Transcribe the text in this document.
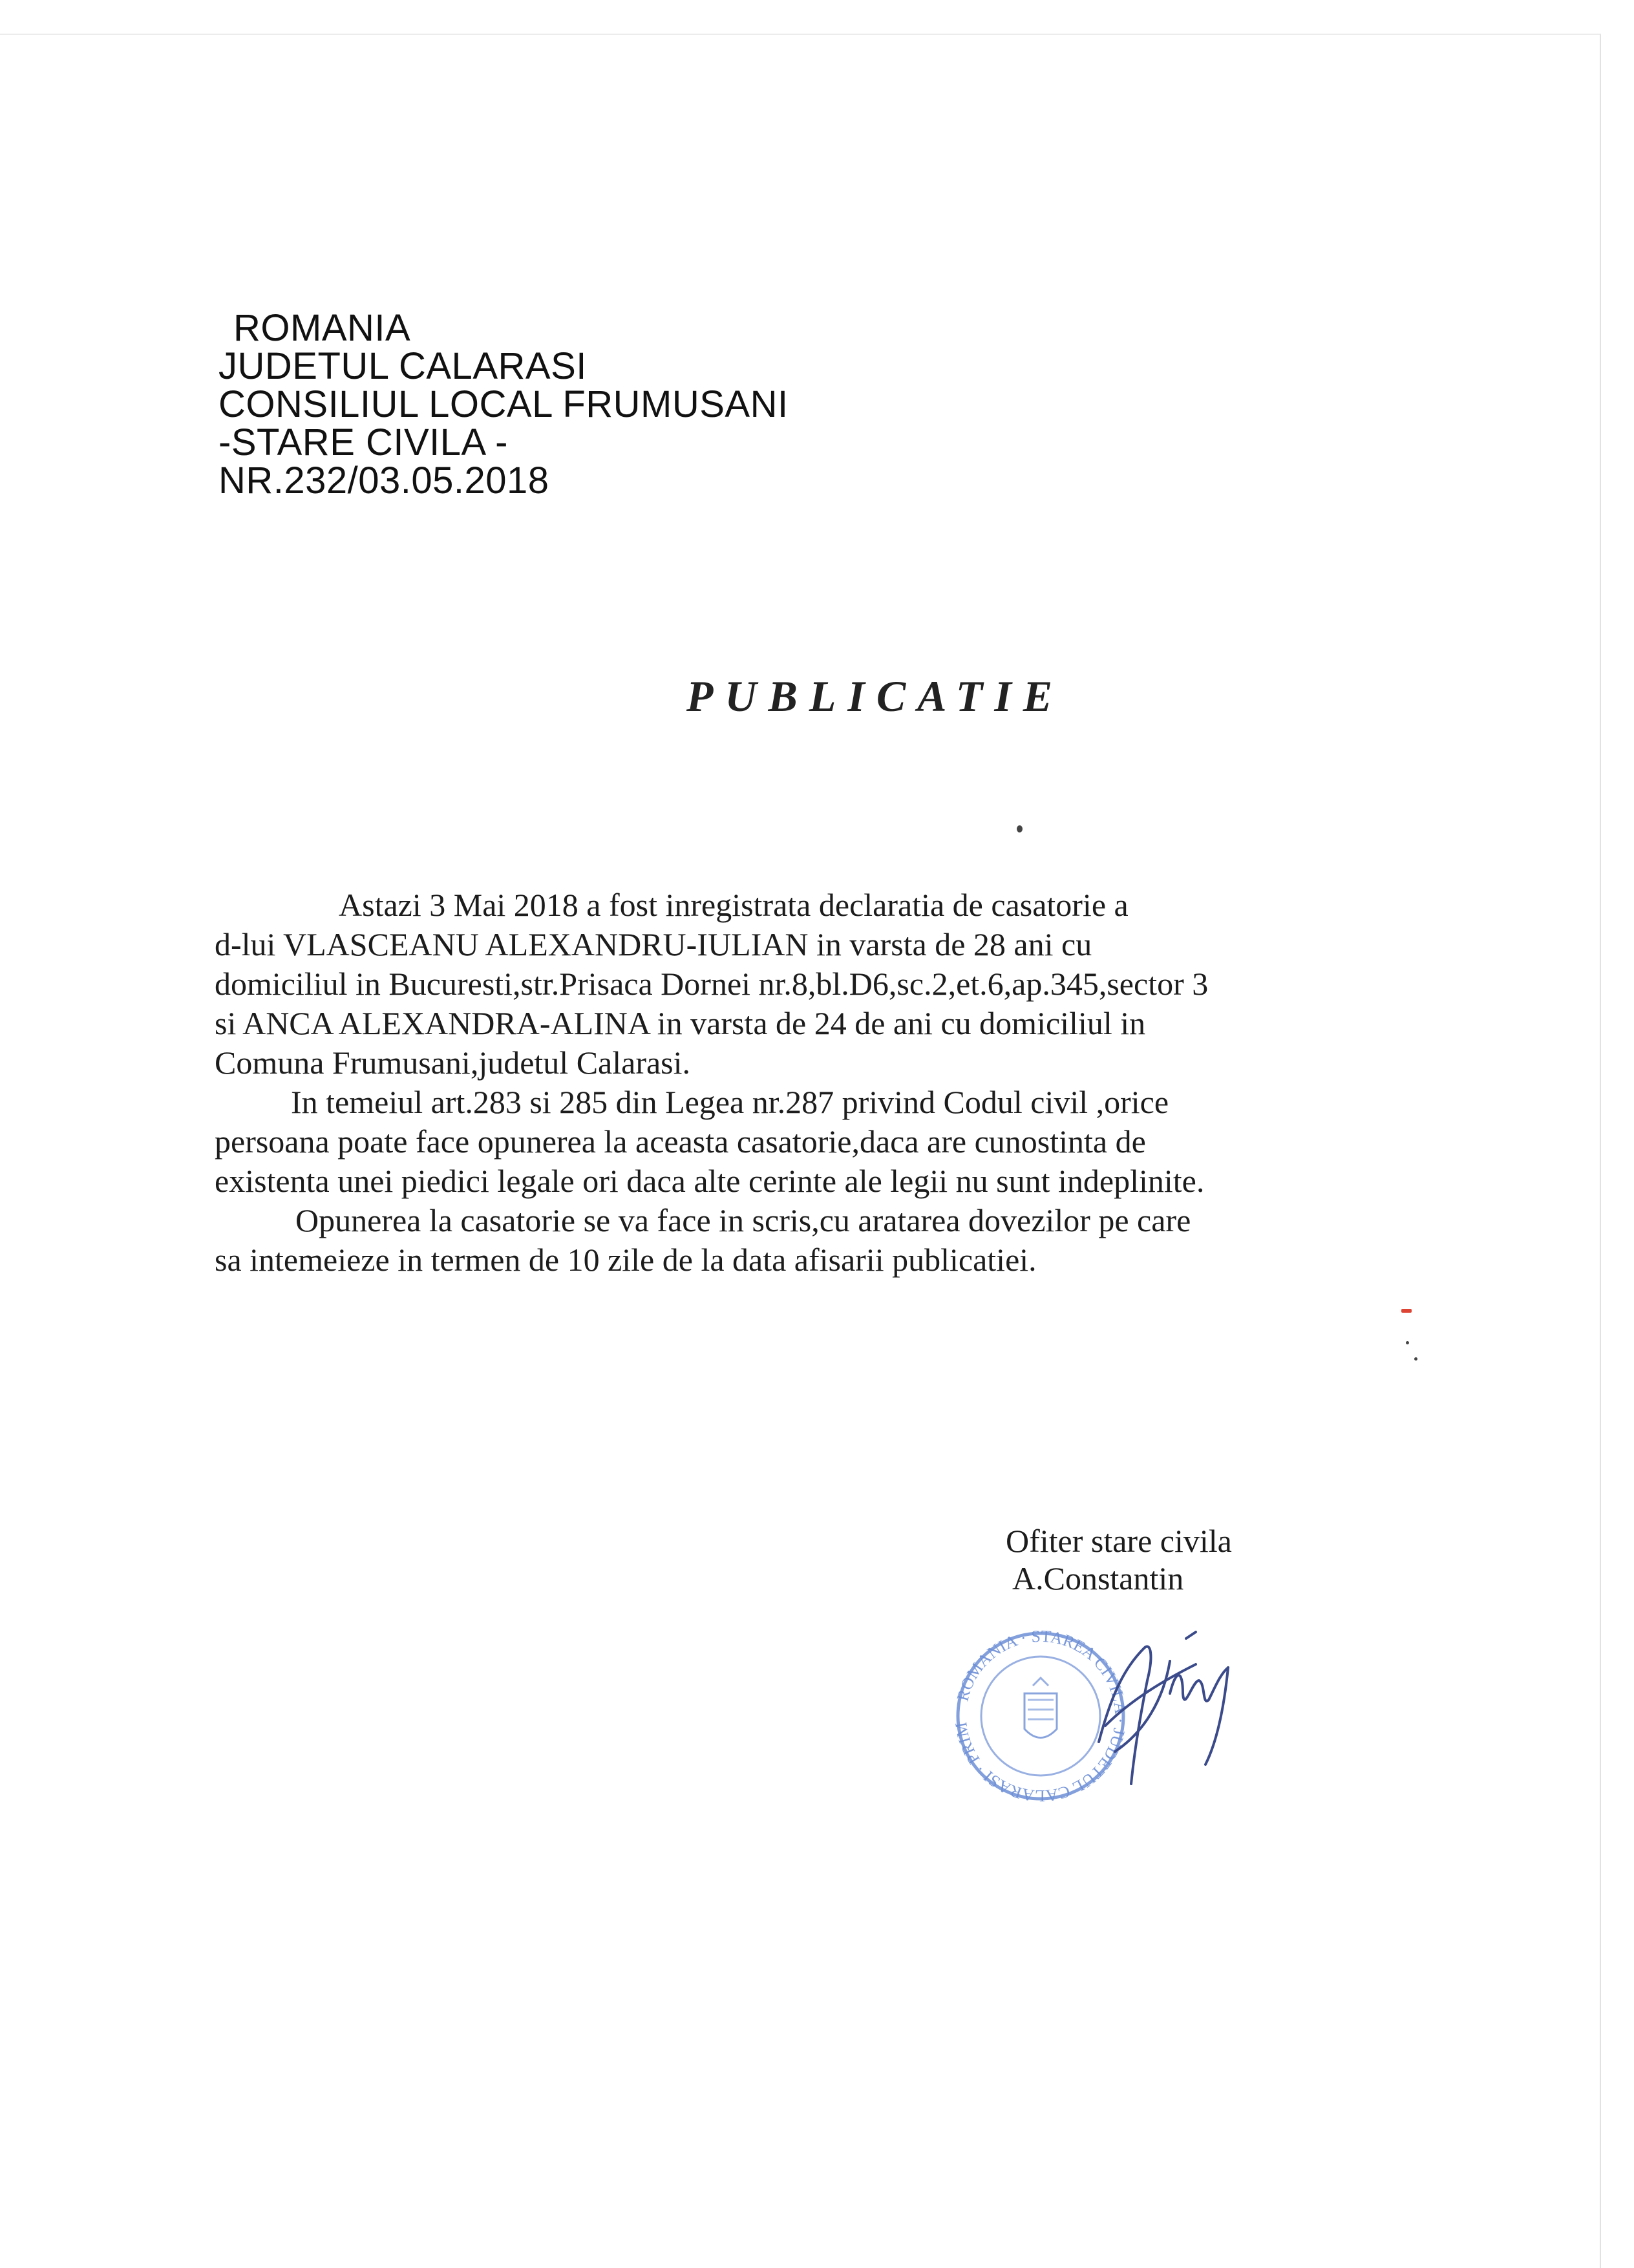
ROMANIA
JUDETUL CALARASI
CONSILIUL LOCAL FRUMUSANI
-STARE CIVILA -
NR.232/03.05.2018
PUBLICATIE
Astazi 3 Mai 2018 a fost inregistrata declaratia de casatorie a
d-lui VLASCEANU ALEXANDRU-IULIAN in varsta de 28 ani cu
domiciliul in Bucuresti,str.Prisaca Dornei nr.8,bl.D6,sc.2,et.6,ap.345,sector 3
si ANCA ALEXANDRA-ALINA in varsta de 24 de ani cu domiciliul in
Comuna Frumusani,judetul Calarasi.
In temeiul art.283 si 285 din Legea nr.287 privind Codul civil ,orice
persoana poate face opunerea la aceasta casatorie,daca are cunostinta de
existenta unei piedici legale ori daca alte cerinte ale legii nu sunt indeplinite.
Opunerea la casatorie se va face in scris,cu aratarea dovezilor pe care
sa intemeieze in termen de 10 zile de la data afisarii publicatiei.
Ofiter stare civila
A.Constantin
ROMANIA · STAREA CIVILA · JUDETUL CALARASI · PRIM
